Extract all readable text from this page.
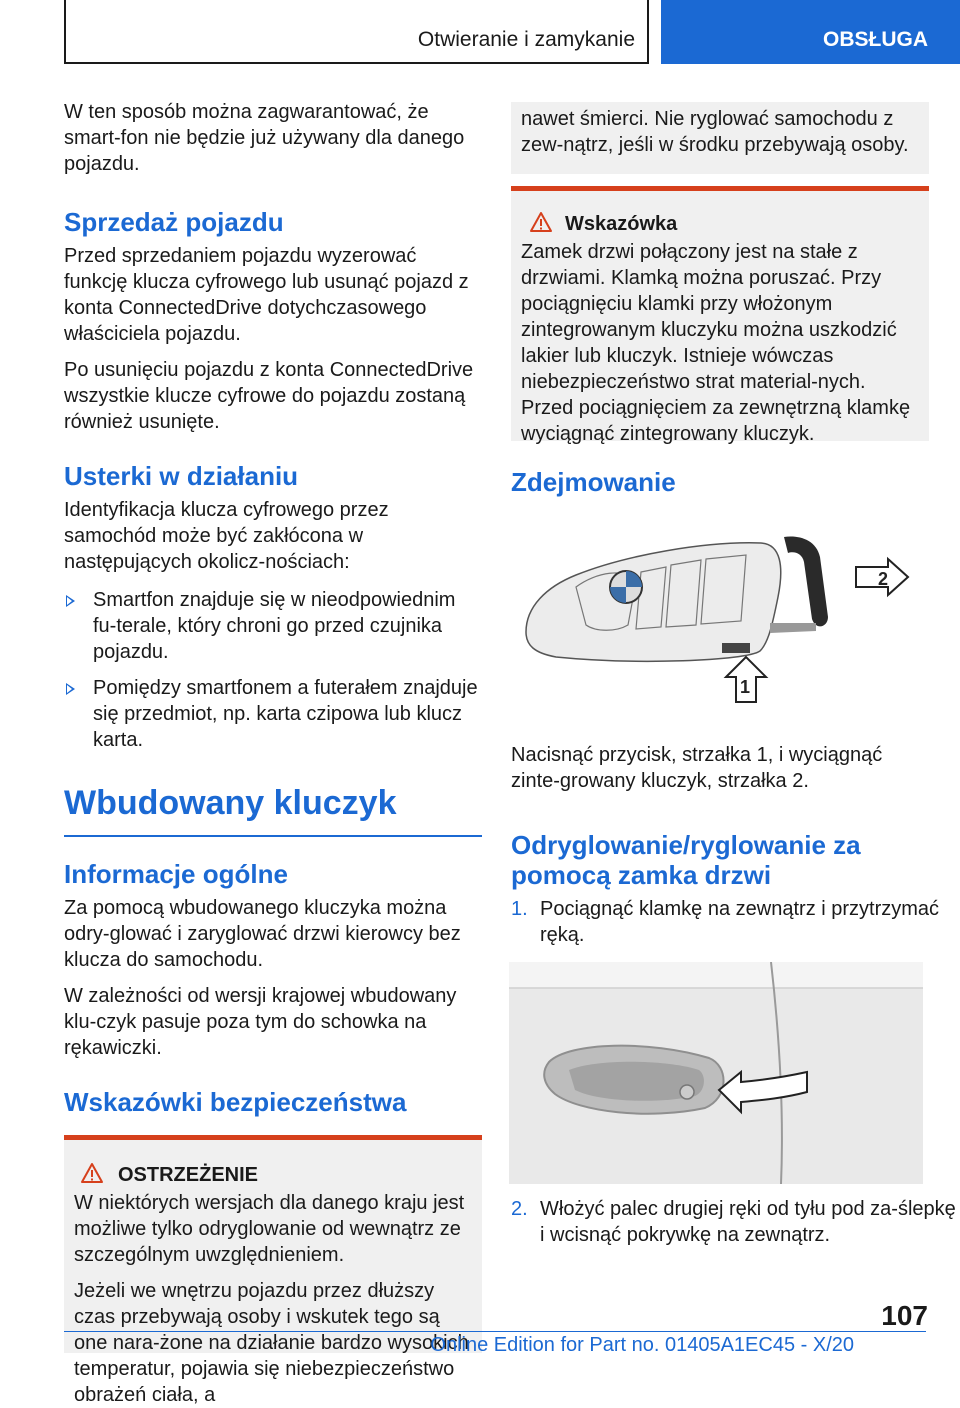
Otwieranie i zamykanie	OBSŁUGA

W ten sposób można zagwarantować, że smart-fon nie będzie już używany dla danego pojazdu.

Sprzedaż pojazdu

Przed sprzedaniem pojazdu wyzerować funkcję klucza cyfrowego lub usunąć pojazd z konta ConnectedDrive dotychczasowego właściciela pojazdu.

Po usunięciu pojazdu z konta ConnectedDrive wszystkie klucze cyfrowe do pojazdu zostaną również usunięte.

Usterki w działaniu

Identyfikacja klucza cyfrowego przez samochód może być zakłócona w następujących okolicz-nościach:

Smartfon znajduje się w nieodpowiednim fu-terale, który chroni go przed czujnika pojazdu.

Pomiędzy smartfonem a futerałem znajduje się przedmiot, np. karta czipowa lub klucz karta.

Wbudowany kluczyk
Informacje ogólne

Za pomocą wbudowanego kluczyka można odry-glować i zaryglować drzwi kierowcy bez klucza do samochodu.

W zależności od wersji krajowej wbudowany klu-czyk pasuje poza tym do schowka na rękawiczki.

Wskazówki bezpieczeństwa
OSTRZEŻENIE

W niektórych wersjach dla danego kraju jest możliwe tylko odryglowanie od wewnątrz ze szczególnym uwzględnieniem.

Jeżeli we wnętrzu pojazdu przez dłuższy czas przebywają osoby i wskutek tego są one nara-żone na działanie bardzo wysokich temperatur, pojawia się niebezpieczeństwo obrażeń ciała, a

nawet śmierci. Nie ryglować samochodu z zew-nątrz, jeśli w środku przebywają osoby.

Wskazówka

Zamek drzwi połączony jest na stałe z drzwiami. Klamką można poruszać. Przy pociągnięciu klamki przy włożonym zintegrowanym kluczyku można uszkodzić lakier lub kluczyk. Istnieje wówczas niebezpieczeństwo strat material-nych. Przed pociągnięciem za zewnętrzną klamkę wyciągnąć zintegrowany kluczyk.

Zdejmowanie
2
1

Nacisnąć przycisk, strzałka 1, i wyciągnąć zinte-growany kluczyk, strzałka 2.

Odryglowanie/ryglowanie za pomocą zamka drzwi
1. Pociągnąć klamkę na zewnątrz i przytrzymać ręką.

2. Włożyć palec drugiej ręki od tyłu pod za-ślepkę i wcisnąć pokrywkę na zewnątrz.

107
Online Edition for Part no. 01405A1EC45 - X/20
